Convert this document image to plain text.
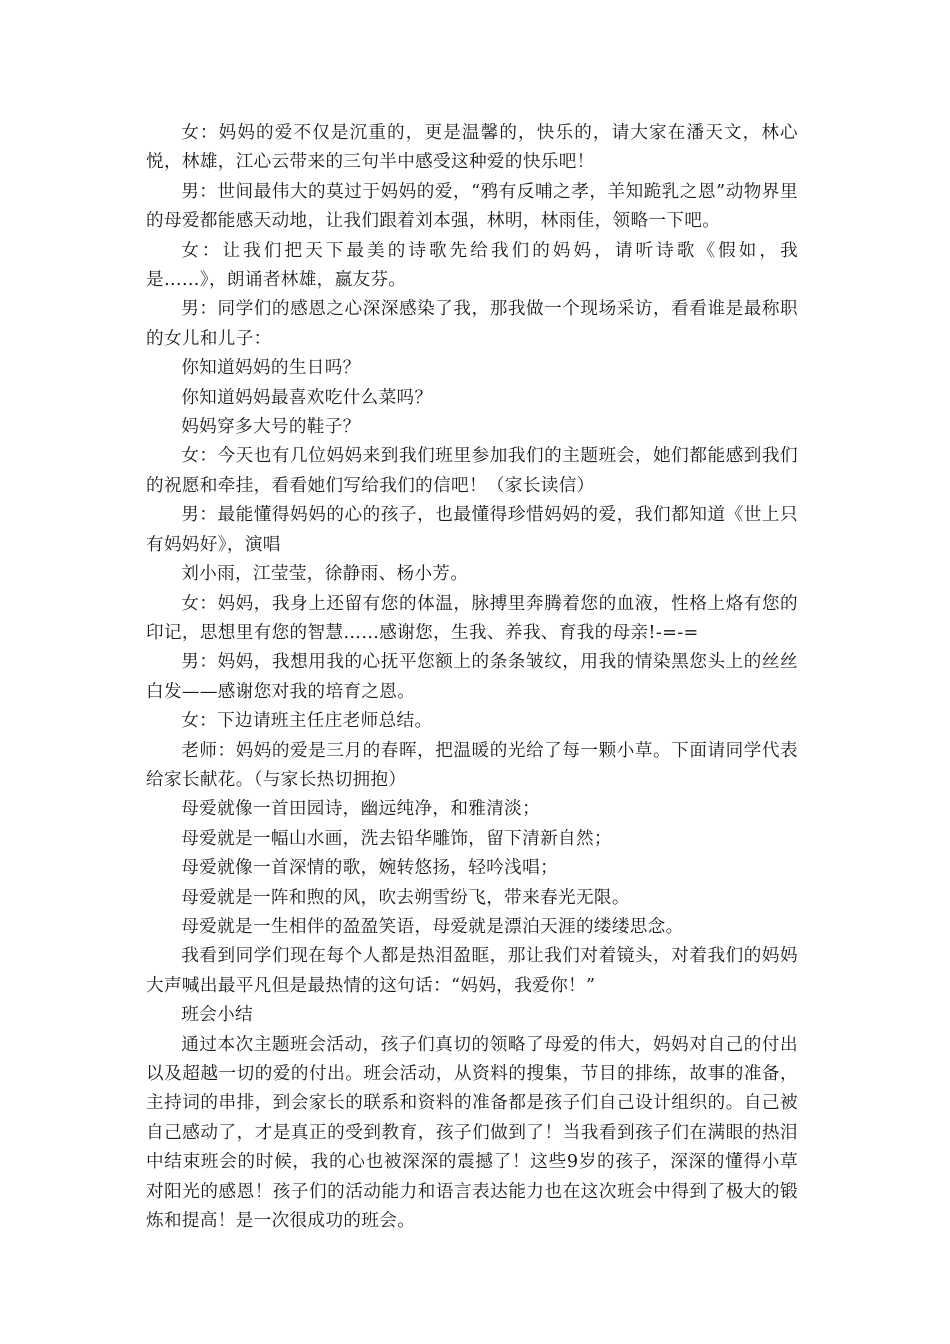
女：妈妈的爱不仅是沉重的，更是温馨的，快乐的，请大家在潘天文，林心悦，林雄，江心云带来的三句半中感受这种爱的快乐吧！

男：世间最伟大的莫过于妈妈的爱，“鸦有反哺之孝，羊知跪乳之恩”动物界里的母爱都能感天动地，让我们跟着刘本强，林明，林雨佳，领略一下吧。

女：让我们把天下最美的诗歌先给我们的妈妈，请听诗歌《假如，我是……》，朗诵者林雄，嬴友芬。

男：同学们的感恩之心深深感染了我，那我做一个现场采访，看看谁是最称职的女儿和儿子：

你知道妈妈的生日吗？

你知道妈妈最喜欢吃什么菜吗？

妈妈穿多大号的鞋子？

女：今天也有几位妈妈来到我们班里参加我们的主题班会，她们都能感到我们的祝愿和牵挂，看看她们写给我们的信吧！（家长读信）

男：最能懂得妈妈的心的孩子，也最懂得珍惜妈妈的爱，我们都知道《世上只有妈妈好》，演唱

刘小雨，江莹莹，徐静雨、杨小芳。

女：妈妈，我身上还留有您的体温，脉搏里奔腾着您的血液，性格上烙有您的印记，思想里有您的智慧……感谢您，生我、养我、育我的母亲!-=-=

男：妈妈，我想用我的心抚平您额上的条条皱纹，用我的情染黑您头上的丝丝白发——感谢您对我的培育之恩。

女：下边请班主任庄老师总结。

老师：妈妈的爱是三月的春晖，把温暖的光给了每一颗小草。下面请同学代表给家长献花。（与家长热切拥抱）

母爱就像一首田园诗，幽远纯净，和雅清淡；

母爱就是一幅山水画，洗去铅华雕饰，留下清新自然；

母爱就像一首深情的歌，婉转悠扬，轻吟浅唱；

母爱就是一阵和煦的风，吹去朔雪纷飞，带来春光无限。

母爱就是一生相伴的盈盈笑语，母爱就是漂泊天涯的缕缕思念。

我看到同学们现在每个人都是热泪盈眶，那让我们对着镜头，对着我们的妈妈大声喊出最平凡但是最热情的这句话：“妈妈，我爱你！”

班会小结

通过本次主题班会活动，孩子们真切的领略了母爱的伟大，妈妈对自己的付出以及超越一切的爱的付出。班会活动，从资料的搜集，节目的排练，故事的准备，主持词的串排，到会家长的联系和资料的准备都是孩子们自己设计组织的。自己被自己感动了，才是真正的受到教育，孩子们做到了！当我看到孩子们在满眼的热泪中结束班会的时候，我的心也被深深的震撼了！这些9岁的孩子，深深的懂得小草对阳光的感恩！孩子们的活动能力和语言表达能力也在这次班会中得到了极大的锻炼和提高！是一次很成功的班会。
